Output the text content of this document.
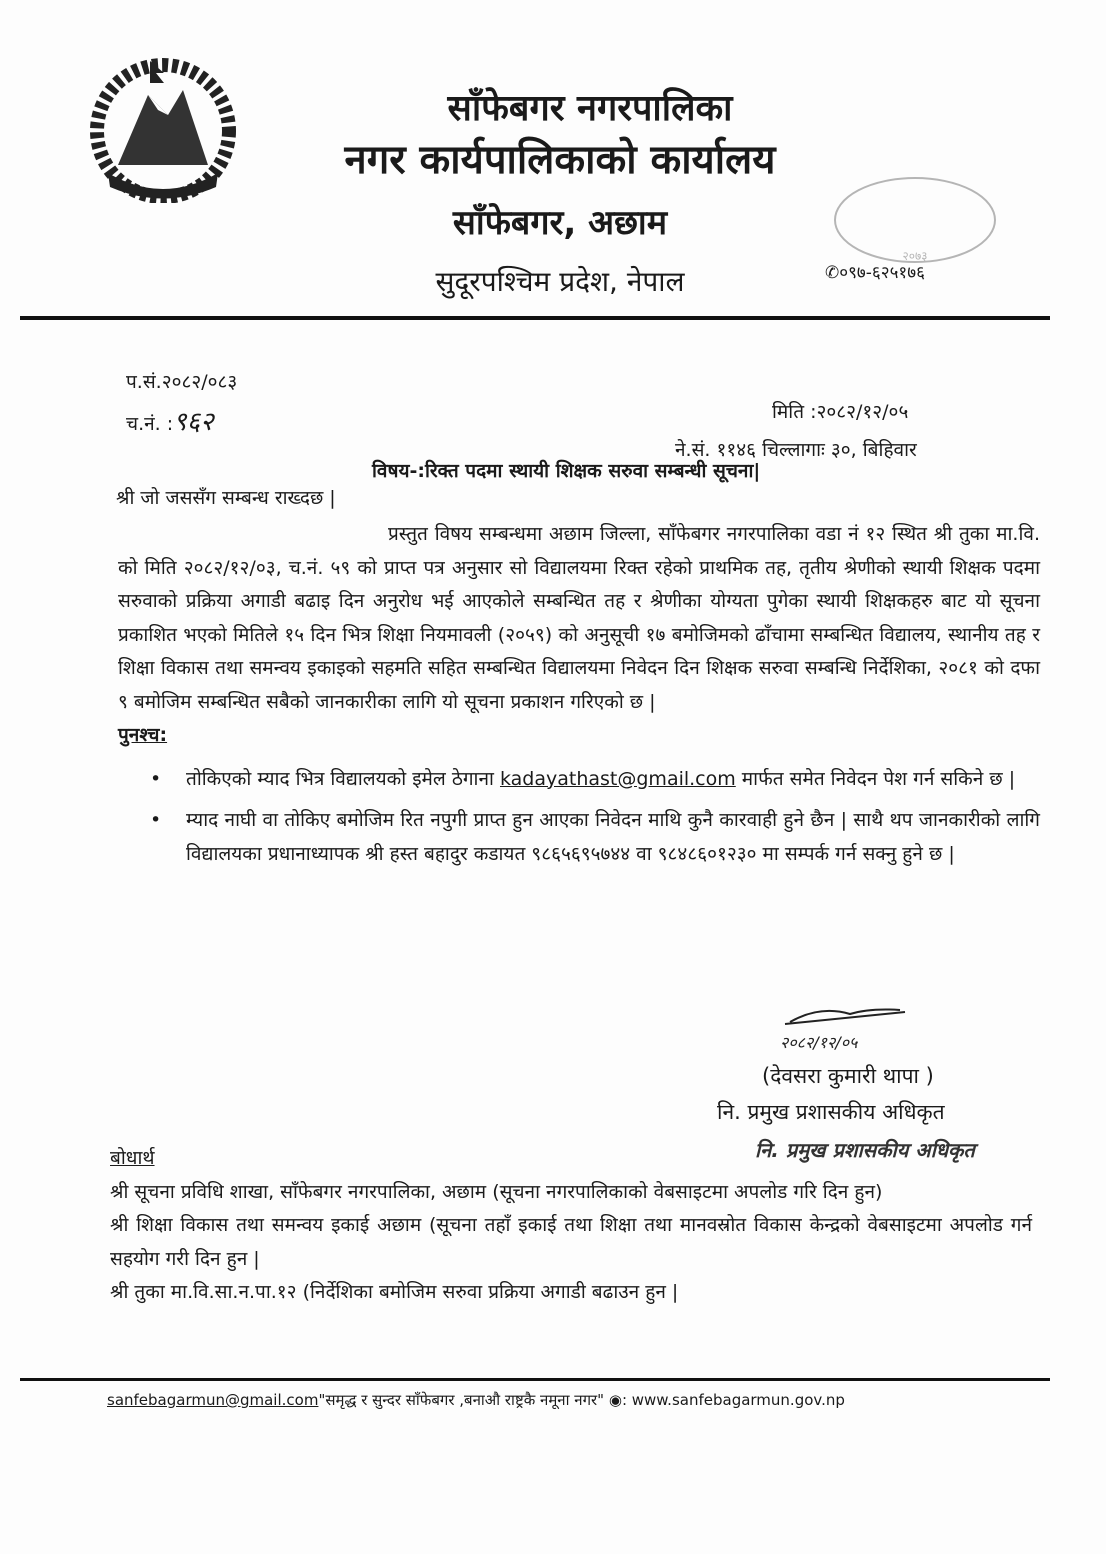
साँफेबगर नगरपालिका
नगर कार्यपालिकाको कार्यालय
साँफेबगर, अछाम
सुदूरपश्चिम प्रदेश, नेपाल
२०७३
✆०९७-६२५१७६
प.सं.२०८२/०८३
च.नं. :९६२	मिति :२०८२/१२/०५
ने.सं. ११४६ चिल्लागाः ३०, बिहिवार
विषय-:रिक्त पदमा स्थायी शिक्षक सरुवा सम्बन्धी सूचना|
श्री जो जससँग सम्बन्ध राख्दछ |

प्रस्तुत विषय सम्बन्धमा अछाम जिल्ला, साँफेबगर नगरपालिका वडा नं १२ स्थित श्री तुका मा.वि. को मिति २०८२/१२/०३, च.नं. ५९ को प्राप्त पत्र अनुसार सो विद्यालयमा रिक्त रहेको प्राथमिक तह, तृतीय श्रेणीको स्थायी शिक्षक पदमा सरुवाको प्रक्रिया अगाडी बढाइ दिन अनुरोध भई आएकोले सम्बन्धित तह र श्रेणीका योग्यता पुगेका स्थायी शिक्षकहरु बाट यो सूचना प्रकाशित भएको मितिले १५ दिन भित्र शिक्षा नियमावली (२०५९) को अनुसूची १७ बमोजिमको ढाँचामा सम्बन्धित विद्यालय, स्थानीय तह र शिक्षा विकास तथा समन्वय इकाइको सहमति सहित सम्बन्धित विद्यालयमा निवेदन दिन शिक्षक सरुवा सम्बन्धि निर्देशिका, २०८१ को दफा ९ बमोजिम सम्बन्धित सबैको जानकारीका लागि यो सूचना प्रकाशन गरिएको छ |

पुनश्च:

• तोकिएको म्याद भित्र विद्यालयको इमेल ठेगाना kadayathast@gmail.com मार्फत समेत निवेदन पेश गर्न सकिने छ |

• म्याद नाघी वा तोकिए बमोजिम रित नपुगी प्राप्त हुन आएका निवेदन माथि कुनै कारवाही हुने छैन | साथै थप जानकारीको लागि विद्यालयका प्रधानाध्यापक श्री हस्त बहादुर कडायत ९८६५६९५७४४ वा ९८४८६०१२३० मा सम्पर्क गर्न सक्नु हुने छ |

२०८२/१२/०५
(देवसरा कुमारी थापा )
नि. प्रमुख प्रशासकीय अधिकृत
नि. प्रमुख प्रशासकीय अधिकृत

बोधार्थ

श्री सूचना प्रविधि शाखा, साँफेबगर नगरपालिका, अछाम (सूचना नगरपालिकाको वेबसाइटमा अपलोड गरि दिन हुन)

श्री शिक्षा विकास तथा समन्वय इकाई अछाम (सूचना तहाँ इकाई तथा शिक्षा तथा मानवस्रोत विकास केन्द्रको वेबसाइटमा अपलोड गर्न सहयोग गरी दिन हुन |

श्री तुका मा.वि.सा.न.पा.१२ (निर्देशिका बमोजिम सरुवा प्रक्रिया अगाडी बढाउन हुन |

sanfebagarmun@gmail.com"समृद्ध र सुन्दर साँफेबगर ,बनाऔ राष्ट्रकै नमूना नगर" ◉: www.sanfebagarmun.gov.np
